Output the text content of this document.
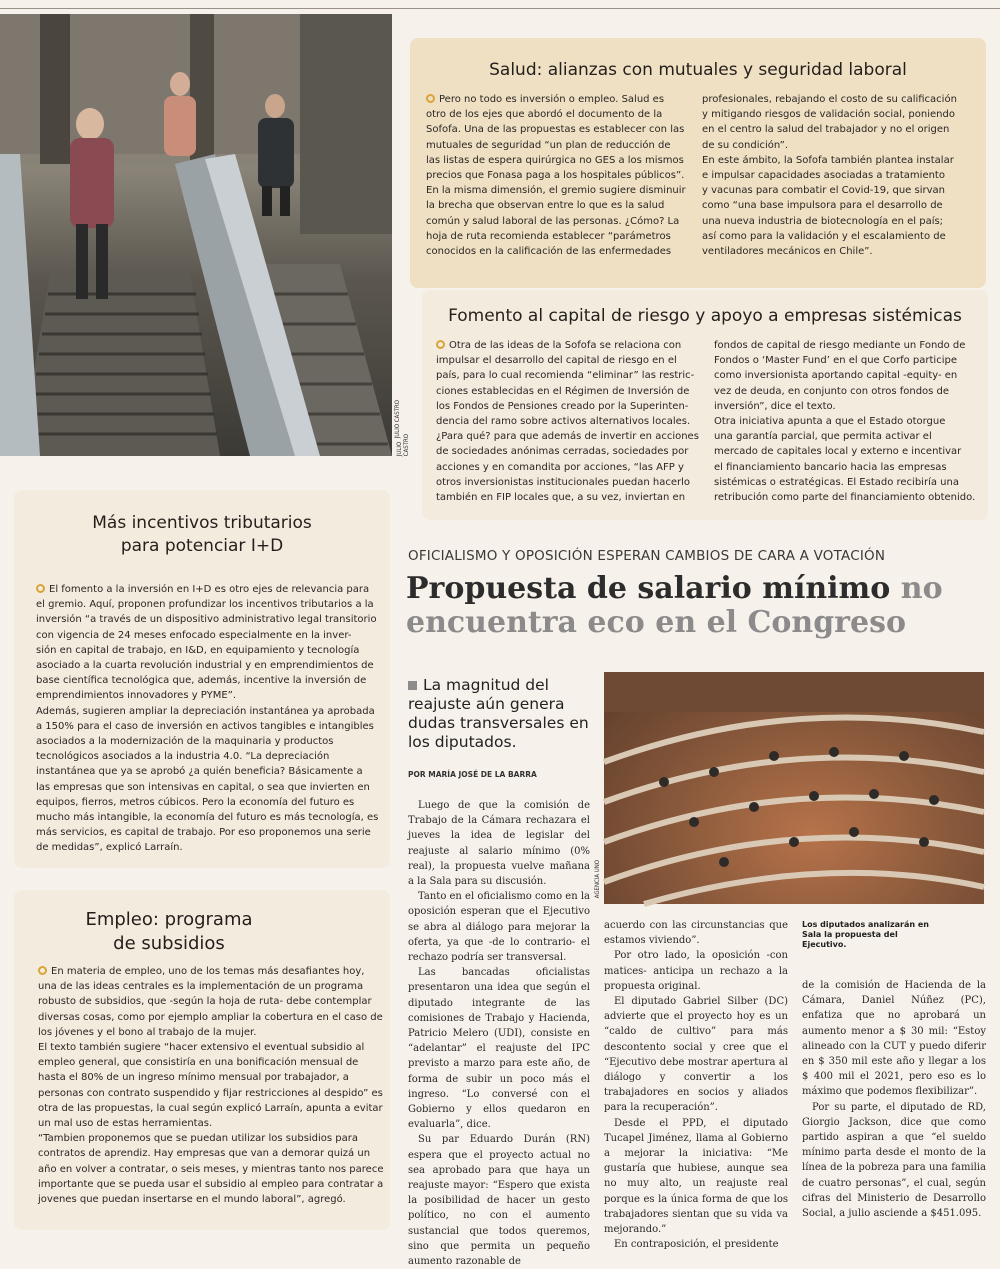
JULIO CASTRO
JULIO CASTRO
Salud: alianzas con mutuales y seguridad laboral

Pero no todo es inversión o empleo. Salud es

otro de los ejes que abordó el documento de la

Sofofa. Una de las propuestas es establecer con las

mutuales de seguridad “un plan de reducción de

las listas de espera quirúrgica no GES a los mismos

precios que Fonasa paga a los hospitales públicos”.

En la misma dimensión, el gremio sugiere disminuir

la brecha que observan entre lo que es la salud

común y salud laboral de las personas. ¿Cómo? La

hoja de ruta recomienda establecer “parámetros

conocidos en la calificación de las enfermedades

profesionales, rebajando el costo de su calificación

y mitigando riesgos de validación social, poniendo

en el centro la salud del trabajador y no el origen

de su condición”.

En este ámbito, la Sofofa también plantea instalar

e impulsar capacidades asociadas a tratamiento

y vacunas para combatir el Covid-19, que sirvan

como “una base impulsora para el desarrollo de

una nueva industria de biotecnología en el país;

así como para la validación y el escalamiento de

ventiladores mecánicos en Chile”.

Fomento al capital de riesgo y apoyo a empresas sistémicas

Otra de las ideas de la Sofofa se relaciona con

impulsar el desarrollo del capital de riesgo en el

país, para lo cual recomienda “eliminar” las restric-

ciones establecidas en el Régimen de Inversión de

los Fondos de Pensiones creado por la Superinten-

dencia del ramo sobre activos alternativos locales.

¿Para qué? para que además de invertir en acciones

de sociedades anónimas cerradas, sociedades por

acciones y en comandita por acciones, “las AFP y

otros inversionistas institucionales puedan hacerlo

también en FIP locales que, a su vez, inviertan en

fondos de capital de riesgo mediante un Fondo de

Fondos o ‘Master Fund’ en el que Corfo participe

como inversionista aportando capital -equity- en

vez de deuda, en conjunto con otros fondos de

inversión”, dice el texto.

Otra iniciativa apunta a que el Estado otorgue

una garantía parcial, que permita activar el

mercado de capitales local y externo e incentivar

el financiamiento bancario hacia las empresas

sistémicas o estratégicas. El Estado recibiría una

retribución como parte del financiamiento obtenido.

Más incentivos tributarios
para potenciar I+D

El fomento a la inversión en I+D es otro ejes de relevancia para

el gremio. Aquí, proponen profundizar los incentivos tributarios a la

inversión “a través de un dispositivo administrativo legal transitorio

con vigencia de 24 meses enfocado especialmente en la inver-

sión en capital de trabajo, en I&D, en equipamiento y tecnología

asociado a la cuarta revolución industrial y en emprendimientos de

base científica tecnológica que, además, incentive la inversión de

emprendimientos innovadores y PYME”.

Además, sugieren ampliar la depreciación instantánea ya aprobada

a 150% para el caso de inversión en activos tangibles e intangibles

asociados a la modernización de la maquinaria y productos

tecnológicos asociados a la industria 4.0. “La depreciación

instantánea que ya se aprobó ¿a quién beneficia? Básicamente a

las empresas que son intensivas en capital, o sea que invierten en

equipos, fierros, metros cúbicos. Pero la economía del futuro es

mucho más intangible, la economía del futuro es más tecnología, es

más servicios, es capital de trabajo. Por eso proponemos una serie

de medidas”, explicó Larraín.

Empleo: programa
de subsidios

En materia de empleo, uno de los temas más desafiantes hoy,

una de las ideas centrales es la implementación de un programa

robusto de subsidios, que -según la hoja de ruta- debe contemplar

diversas cosas, como por ejemplo ampliar la cobertura en el caso de

los jóvenes y el bono al trabajo de la mujer.

El texto también sugiere “hacer extensivo el eventual subsidio al

empleo general, que consistiría en una bonificación mensual de

hasta el 80% de un ingreso mínimo mensual por trabajador, a

personas con contrato suspendido y fijar restricciones al despido” es

otra de las propuestas, la cual según explicó Larraín, apunta a evitar

un mal uso de estas herramientas.

“Tambien proponemos que se puedan utilizar los subsidios para

contratos de aprendiz. Hay empresas que van a demorar quizá un

año en volver a contratar, o seis meses, y mientras tanto nos parece

importante que se pueda usar el subsidio al empleo para contratar a

jovenes que puedan insertarse en el mundo laboral”, agregó.

OFICIALISMO Y OPOSICIÓN ESPERAN CAMBIOS DE CARA A VOTACIÓN
Propuesta de salario mínimo no
encuentra eco en el Congreso
La magnitud del reajuste aún genera dudas transversales en los diputados.
POR MARÍA JOSÉ DE LA BARRA
AGENCIA UNO
Los diputados analizarán en Sala la propuesta del Ejecutivo.

Luego de que la comisión de Trabajo de la Cámara rechazara el jueves la idea de legislar del reajuste al salario mínimo (0% real), la propuesta vuelve mañana a la Sala para su discusión.

Tanto en el oficialismo como en la oposición esperan que el Ejecutivo se abra al diálogo para mejorar la oferta, ya que -de lo contrario- el rechazo podría ser transversal.

Las bancadas oficialistas presentaron una idea que según el diputado integrante de las comisiones de Trabajo y Hacienda, Patricio Melero (UDI), consiste en “adelantar” el reajuste del IPC previsto a marzo para este año, de forma de subir un poco más el ingreso. “Lo conversé con el Gobierno y ellos quedaron en evaluarla”, dice.

Su par Eduardo Durán (RN) espera que el proyecto actual no sea aprobado para que haya un reajuste mayor: “Espero que exista la posibilidad de hacer un gesto político, no con el aumento sustancial que todos queremos, sino que permita un pequeño aumento razonable de

acuerdo con las circunstancias que estamos viviendo”.

Por otro lado, la oposición -con matices- anticipa un rechazo a la propuesta original.

El diputado Gabriel Silber (DC) advierte que el proyecto hoy es un “caldo de cultivo” para más descontento social y cree que el “Ejecutivo debe mostrar apertura al diálogo y convertir a los trabajadores en socios y aliados para la recuperación”.

Desde el PPD, el diputado Tucapel Jiménez, llama al Gobierno a mejorar la iniciativa: “Me gustaría que hubiese, aunque sea no muy alto, un reajuste real porque es la única forma de que los trabajadores sientan que su vida va mejorando.”

En contraposición, el presidente

de la comisión de Hacienda de la Cámara, Daniel Núñez (PC), enfatiza que no aprobará un aumento menor a $ 30 mil: “Estoy alineado con la CUT y puedo diferir en $ 350 mil este año y llegar a los $ 400 mil el 2021, pero eso es lo máximo que podemos flexibilizar”.

Por su parte, el diputado de RD, Giorgio Jackson, dice que como partido aspiran a que “el sueldo mínimo parta desde el monto de la línea de la pobreza para una familia de cuatro personas”, el cual, según cifras del Ministerio de Desarrollo Social, a julio asciende a $451.095.
